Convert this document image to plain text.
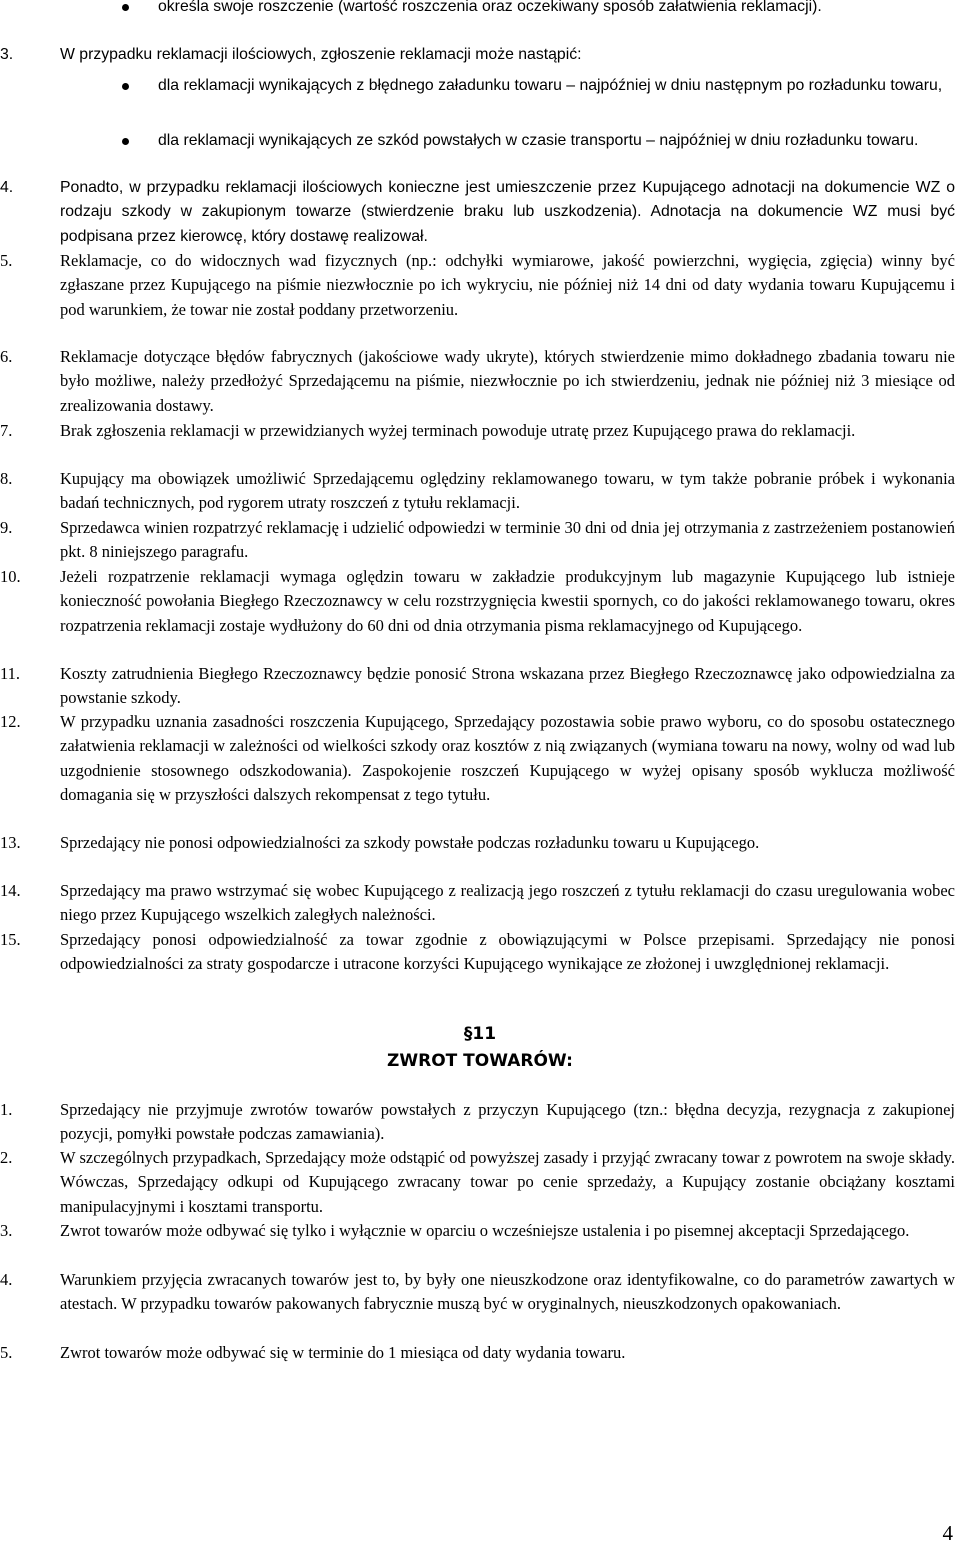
określa swoje roszczenie (wartość roszczenia oraz oczekiwany sposób załatwienia reklamacji).
3.	W przypadku reklamacji ilościowych, zgłoszenie reklamacji może nastąpić:
dla reklamacji wynikających z błędnego załadunku towaru – najpóźniej w dniu następnym po rozładunku towaru,
dla reklamacji wynikających ze szkód powstałych w czasie transportu – najpóźniej w dniu rozładunku towaru.
4.	Ponadto, w przypadku reklamacji ilościowych konieczne jest umieszczenie przez Kupującego adnotacji na dokumencie WZ o rodzaju szkody w zakupionym towarze (stwierdzenie braku lub uszkodzenia). Adnotacja na dokumencie WZ musi być podpisana przez kierowcę, który dostawę realizował.
5.	Reklamacje, co do widocznych wad fizycznych (np.: odchyłki wymiarowe, jakość powierzchni, wygięcia, zgięcia) winny być zgłaszane przez Kupującego na piśmie niezwłocznie po ich wykryciu, nie później niż 14 dni od daty wydania towaru Kupującemu i pod warunkiem, że towar nie został poddany przetworzeniu.
6.	Reklamacje dotyczące błędów fabrycznych (jakościowe wady ukryte), których stwierdzenie mimo dokładnego zbadania towaru nie było możliwe, należy przedłożyć Sprzedającemu na piśmie, niezwłocznie po ich stwierdzeniu, jednak nie później niż 3 miesiące od zrealizowania dostawy.
7.	Brak zgłoszenia reklamacji w przewidzianych wyżej terminach powoduje utratę przez Kupującego prawa do reklamacji.
8.	Kupujący ma obowiązek umożliwić Sprzedającemu oględziny reklamowanego towaru, w tym także pobranie próbek i wykonania badań technicznych, pod rygorem utraty roszczeń z tytułu reklamacji.
9.	Sprzedawca winien rozpatrzyć reklamację i udzielić odpowiedzi w terminie 30 dni od dnia jej otrzymania z zastrzeżeniem postanowień pkt. 8 niniejszego paragrafu.
10. Jeżeli rozpatrzenie reklamacji wymaga oględzin towaru w zakładzie produkcyjnym lub magazynie Kupującego lub istnieje konieczność powołania Biegłego Rzeczoznawcy w celu rozstrzygnięcia kwestii spornych, co do jakości reklamowanego towaru, okres rozpatrzenia reklamacji zostaje wydłużony do 60 dni od dnia otrzymania pisma reklamacyjnego od Kupującego.
11. Koszty zatrudnienia Biegłego Rzeczoznawcy będzie ponosić Strona wskazana przez Biegłego Rzeczoznawcę jako odpowiedzialna za powstanie szkody.
12. W przypadku uznania zasadności roszczenia Kupującego, Sprzedający pozostawia sobie prawo wyboru, co do sposobu ostatecznego załatwienia reklamacji w zależności od wielkości szkody oraz kosztów z nią związanych (wymiana towaru na nowy, wolny od wad lub uzgodnienie stosownego odszkodowania). Zaspokojenie roszczeń Kupującego w wyżej opisany sposób wyklucza możliwość domagania się w przyszłości dalszych rekompensat z tego tytułu.
13. Sprzedający nie ponosi odpowiedzialności za szkody powstałe podczas rozładunku towaru u Kupującego.
14. Sprzedający ma prawo wstrzymać się wobec Kupującego z realizacją jego roszczeń z tytułu reklamacji do czasu uregulowania wobec niego przez Kupującego wszelkich zaległych należności.
15. Sprzedający ponosi odpowiedzialność za towar zgodnie z obowiązującymi w Polsce przepisami. Sprzedający nie ponosi odpowiedzialności za straty gospodarcze i utracone korzyści Kupującego wynikające ze złożonej i uwzględnionej reklamacji.
§11
ZWROT TOWARÓW:
1.	Sprzedający nie przyjmuje zwrotów towarów powstałych z przyczyn Kupującego (tzn.: błędna decyzja, rezygnacja z zakupionej pozycji, pomyłki powstałe podczas zamawiania).
2.	W szczególnych przypadkach, Sprzedający może odstąpić od powyższej zasady i przyjąć zwracany towar z powrotem na swoje składy. Wówczas, Sprzedający odkupi od Kupującego zwracany towar po cenie sprzedaży, a Kupujący zostanie obciążany kosztami manipulacyjnymi i kosztami transportu.
3.	Zwrot towarów może odbywać się tylko i wyłącznie w oparciu o wcześniejsze ustalenia i po pisemnej akceptacji Sprzedającego.
4.	Warunkiem przyjęcia zwracanych towarów jest to, by były one nieuszkodzone oraz identyfikowalne, co do parametrów zawartych w atestach. W przypadku towarów pakowanych fabrycznie muszą być w oryginalnych, nieuszkodzonych opakowaniach.
5.	Zwrot towarów może odbywać się w terminie do 1 miesiąca od daty wydania towaru.
4
